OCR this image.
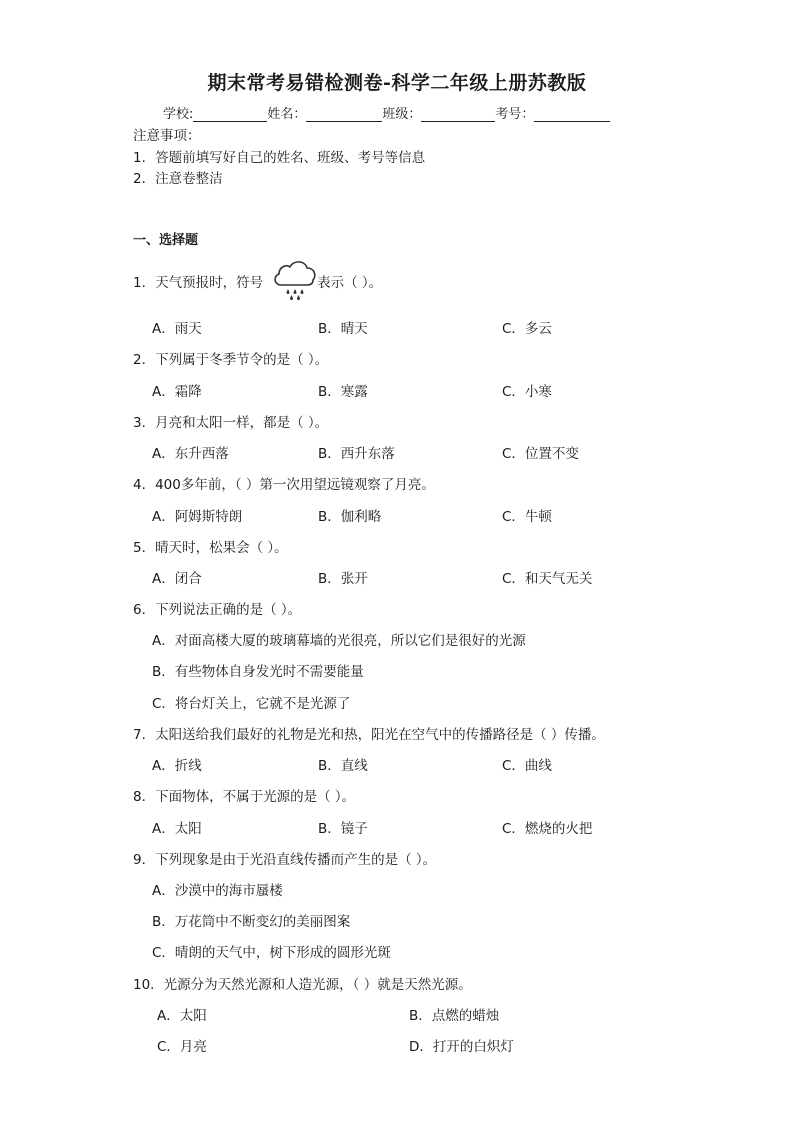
期末常考易错检测卷-科学二年级上册苏教版
学校:	姓名：	班级：	考号：
注意事项：
1．答题前填写好自己的姓名、班级、考号等信息
2．注意卷整洁
一、选择题
1．天气预报时，符号	表示（ ）。
A．雨天	B．晴天	C．多云
2．下列属于冬季节令的是（ ）。
A．霜降	B．寒露	C．小寒
3．月亮和太阳一样，都是（ ）。
A．东升西落	B．西升东落	C．位置不变
4．400多年前，（ ）第一次用望远镜观察了月亮。
A．阿姆斯特朗	B．伽利略	C．牛顿
5．晴天时，松果会（ ）。
A．闭合	B．张开	C．和天气无关
6．下列说法正确的是（ ）。
A．对面高楼大厦的玻璃幕墙的光很亮，所以它们是很好的光源
B．有些物体自身发光时不需要能量
C．将台灯关上，它就不是光源了
7．太阳送给我们最好的礼物是光和热，阳光在空气中的传播路径是（ ）传播。
A．折线	B．直线	C．曲线
8．下面物体，不属于光源的是（ ）。
A．太阳	B．镜子	C．燃烧的火把
9．下列现象是由于光沿直线传播而产生的是（ ）。
A．沙漠中的海市蜃楼
B．万花筒中不断变幻的美丽图案
C．晴朗的天气中，树下形成的圆形光斑
10．光源分为天然光源和人造光源，（ ）就是天然光源。
A．太阳	B．点燃的蜡烛
C．月亮	D．打开的白炽灯
